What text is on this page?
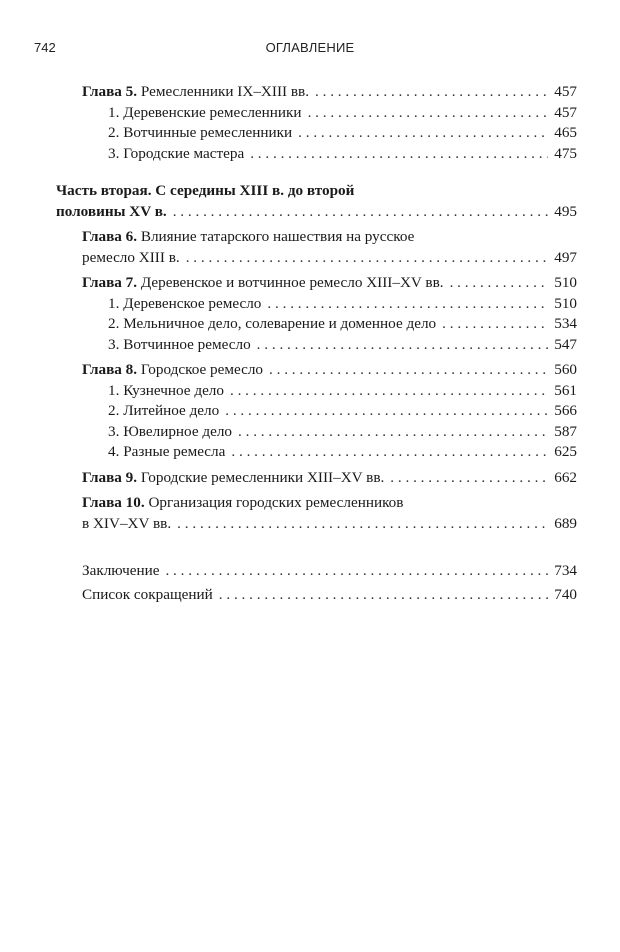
742	ОГЛАВЛЕНИЕ
Глава 5. Ремесленники IX–XIII вв. . . .	457
1. Деревенские ремесленники . . .	457
2. Вотчинные ремесленники . . .	465
3. Городские мастера . . .	475
Часть вторая. С середины XIII в. до второй
половины XV в. . . .	495
Глава 6. Влияние татарского нашествия на русское
ремесло XIII в. . . .	497
Глава 7. Деревенское и вотчинное ремесло XIII–XV вв. . . .	510
1. Деревенское ремесло . . .	510
2. Мельничное дело, солеварение и доменное дело . . .	534
3. Вотчинное ремесло . . .	547
Глава 8. Городское ремесло . . .	560
1. Кузнечное дело . . .	561
2. Литейное дело . . .	566
3. Ювелирное дело . . .	587
4. Разные ремесла . . .	625
Глава 9. Городские ремесленники XIII–XV вв. . . .	662
Глава 10. Организация городских ремесленников
в XIV–XV вв. . . .	689
Заключение . . .	734
Список сокращений . . .	740
